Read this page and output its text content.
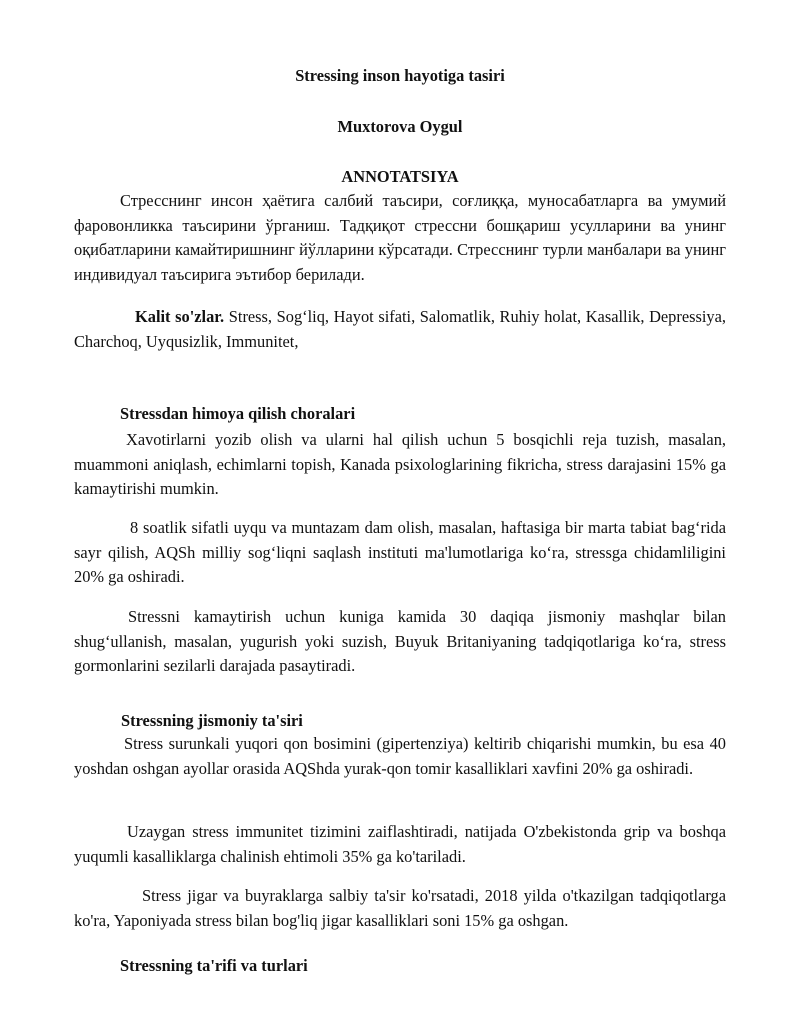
Stressing inson hayotiga tasiri

Muxtorova Oygul

ANNOTATSIYA

Стресснинг инсон ҳаётига салбий таъсири, соғлиққа, муносабатларга ва умумий фаровонликка таъсирини ўрганиш. Тадқиқот стрессни бошқариш усулларини ва унинг оқибатларини камайтиришнинг йўлларини кўрсатади. Стресснинг турли манбалари ва унинг индивидуал таъсирига эътибор берилади.

Kalit so'zlar. Stress, Sog‘liq, Hayot sifati, Salomatlik, Ruhiy holat, Kasallik, Depressiya, Charchoq, Uyqusizlik, Immunitet,

Stressdan himoya qilish choralari

Xavotirlarni yozib olish va ularni hal qilish uchun 5 bosqichli reja tuzish, masalan, muammoni aniqlash, echimlarni topish, Kanada psixologlarining fikricha, stress darajasini 15% ga kamaytirishi mumkin.

8 soatlik sifatli uyqu va muntazam dam olish, masalan, haftasiga bir marta tabiat bag‘rida sayr qilish, AQSh milliy sog‘liqni saqlash instituti ma'lumotlariga ko‘ra, stressga chidamliligini 20% ga oshiradi.

Stressni kamaytirish uchun kuniga kamida 30 daqiqa jismoniy mashqlar bilan shug‘ullanish, masalan, yugurish yoki suzish, Buyuk Britaniyaning tadqiqotlariga ko‘ra, stress gormonlarini sezilarli darajada pasaytiradi.

Stressning jismoniy ta'siri

Stress surunkali yuqori qon bosimini (gipertenziya) keltirib chiqarishi mumkin, bu esa 40 yoshdan oshgan ayollar orasida AQShda yurak-qon tomir kasalliklari xavfini 20% ga oshiradi.

Uzaygan stress immunitet tizimini zaiflashtiradi, natijada O'zbekistonda grip va boshqa yuqumli kasalliklarga chalinish ehtimoli 35% ga ko'tariladi.

Stress jigar va buyraklarga salbiy ta'sir ko'rsatadi, 2018 yilda o'tkazilgan tadqiqotlarga ko'ra, Yaponiyada stress bilan bog'liq jigar kasalliklari soni 15% ga oshgan.

Stressning ta'rifi va turlari
